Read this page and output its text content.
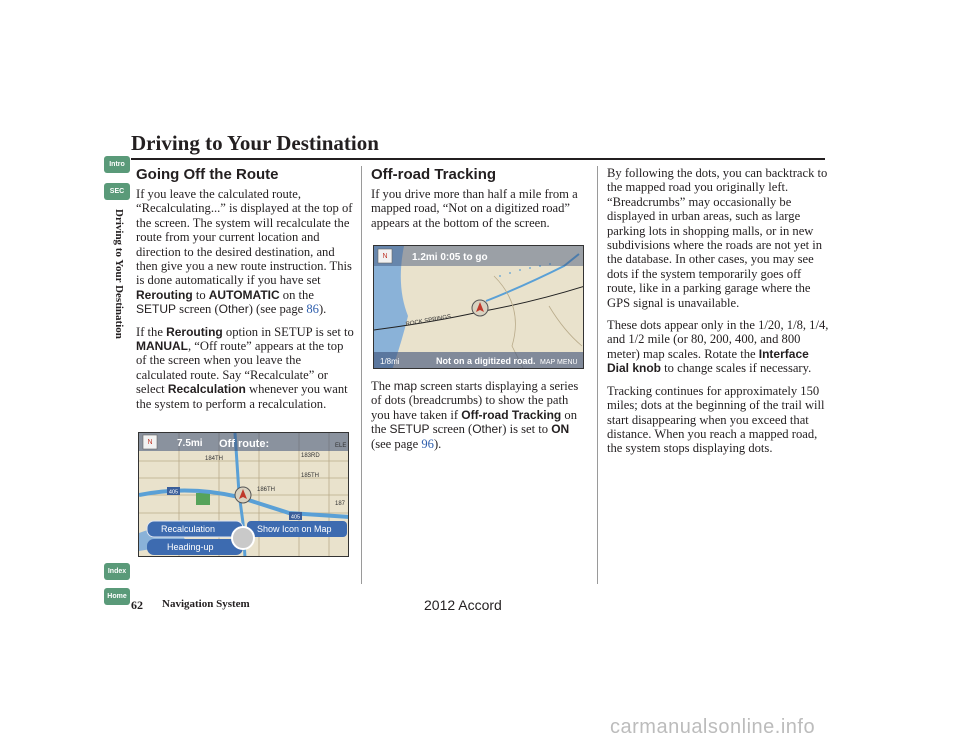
Driving to Your Destination
Intro
SEC
Driving to Your Destination
Index
Home
Going Off the Route

If you leave the calculated route, “Recalculating...” is displayed at the top of the screen. The system will recalculate the route from your current location and direction to the desired destination, and then give you a new route instruction. This is done automatically if you have set Rerouting to AUTOMATIC on the SETUP screen (Other) (see page 86).

If the Rerouting option in SETUP is set to MANUAL, “Off route” appears at the top of the screen when you leave the calculated route. Say “Recalculate” or select Recalculation whenever you want the system to perform a recalculation.

N 7.5mi Off route:
184TH	183RD
185TH
186TH
187
ELE
405
405
Recalculation	Show Icon on Map
Heading-up
Off-road Tracking

If you drive more than half a mile from a mapped road, “Not on a digitized road” appears at the bottom of the screen.

ROCK SPRINGS
N 1.2mi 0:05 to go
1/8mi	Not on a digitized road. MAP MENU

The map screen starts displaying a series of dots (breadcrumbs) to show the path you have taken if Off-road Tracking on the SETUP screen (Other) is set to ON (see page 96).

By following the dots, you can backtrack to the mapped road you originally left. “Breadcrumbs” may occasionally be displayed in urban areas, such as large parking lots in shopping malls, or in new subdivisions where the roads are not yet in the database. In other cases, you may see dots if the system temporarily goes off route, like in a parking garage where the GPS signal is unavailable.

These dots appear only in the 1/20, 1/8, 1/4, and 1/2 mile (or 80, 200, 400, and 800 meter) map scales. Rotate the Interface Dial knob to change scales if necessary.

Tracking continues for approximately 150 miles; dots at the beginning of the trail will start disappearing when you exceed that distance. When you reach a mapped road, the system stops displaying dots.

62 Navigation System	2012 Accord
carmanualsonline.info
